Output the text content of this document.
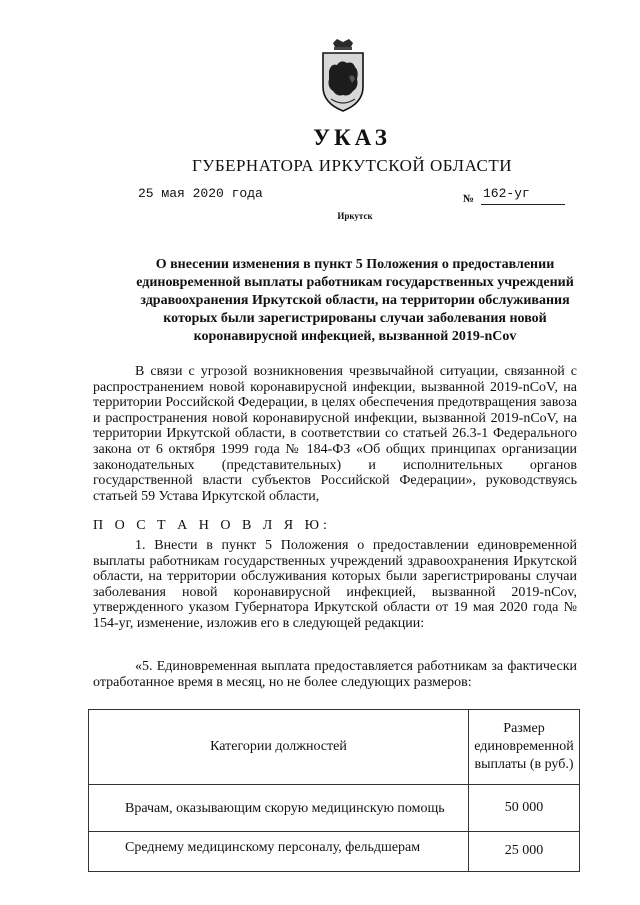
УКАЗ
ГУБЕРНАТОРА ИРКУТСКОЙ ОБЛАСТИ
25 мая 2020 года	№ 162-уг
Иркутск
О внесении изменения в пункт 5 Положения о предоставлении единовременной выплаты работникам государственных учреждений здравоохранения Иркутской области, на территории обслуживания которых были зарегистрированы случаи заболевания новой коронавирусной инфекцией, вызванной 2019-nCov
В связи с угрозой возникновения чрезвычайной ситуации, связанной с распространением новой коронавирусной инфекции, вызванной 2019-nCoV, на территории Российской Федерации, в целях обеспечения предотвращения завоза и распространения новой коронавирусной инфекции, вызванной 2019-nCoV, на территории Иркутской области, в соответствии со статьей 26.3-1 Федерального закона от 6 октября 1999 года № 184-ФЗ «Об общих принципах организации законодательных (представительных) и исполнительных органов государственной власти субъектов Российской Федерации», руководствуясь статьей 59 Устава Иркутской области,
П О С Т А Н О В Л Я Ю:
1. Внести в пункт 5 Положения о предоставлении единовременной выплаты работникам государственных учреждений здравоохранения Иркутской области, на территории обслуживания которых были зарегистрированы случаи заболевания новой коронавирусной инфекцией, вызванной 2019-nCov, утвержденного указом Губернатора Иркутской области от 19 мая 2020 года № 154-уг, изменение, изложив его в следующей редакции:
«5. Единовременная выплата предоставляется работникам за фактически отработанное время в месяц, но не более следующих размеров:
Категории должностей	Размер единовременной выплаты (в руб.)
Врачам, оказывающим скорую медицинскую помощь	50 000
Среднему медицинскому персоналу, фельдшерам	25 000
